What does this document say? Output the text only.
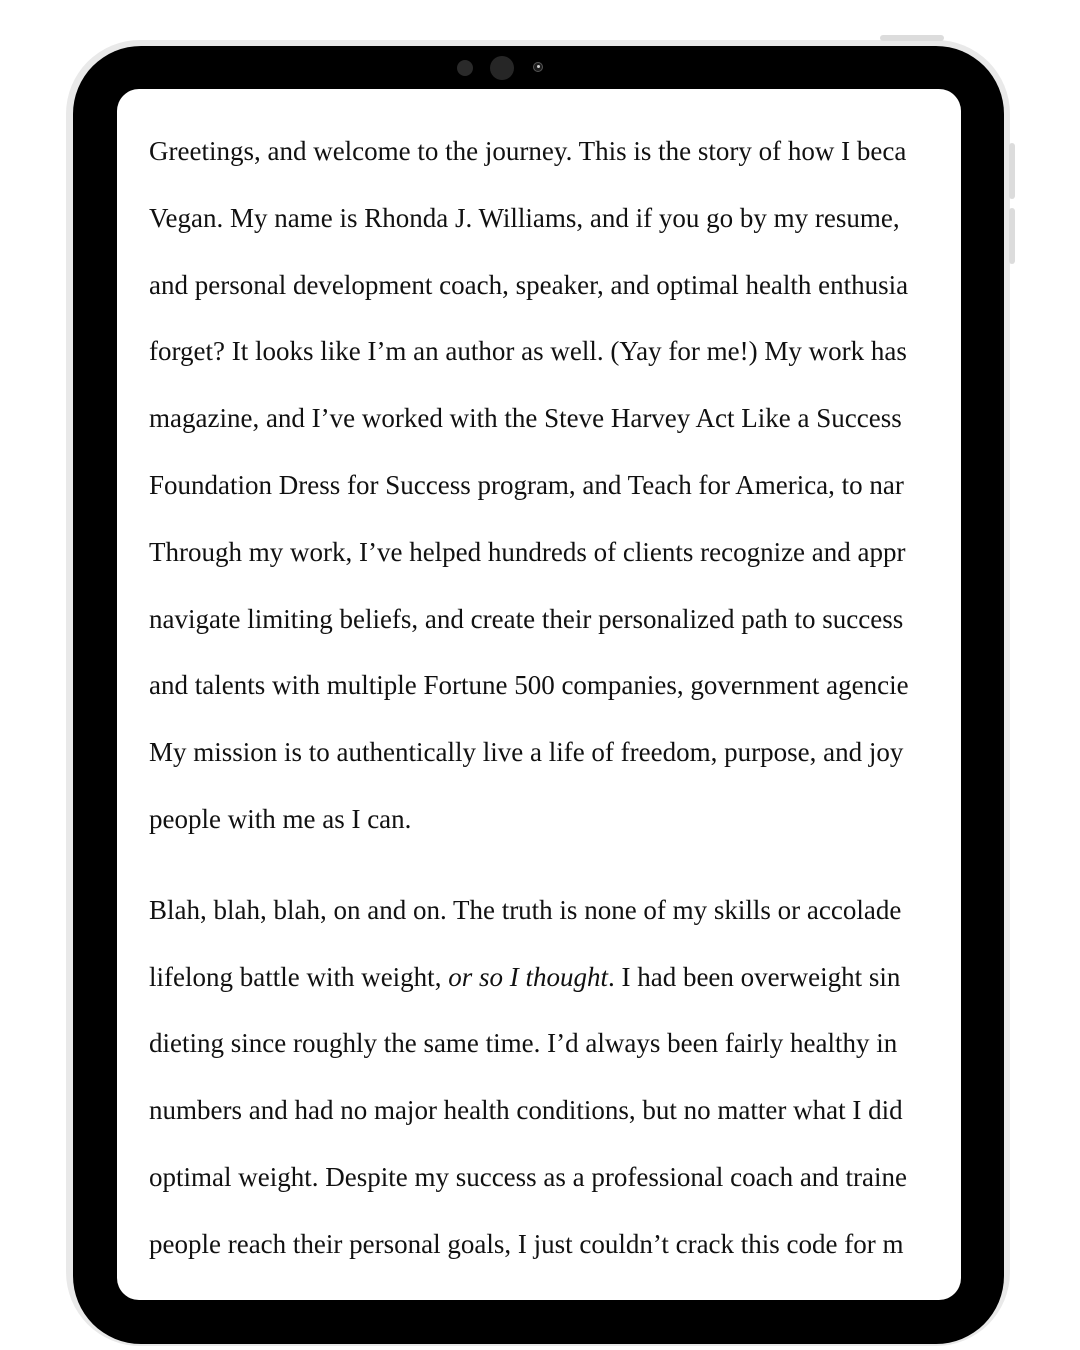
Greetings, and welcome to the journey. This is the story of how I beca
Vegan. My name is Rhonda J. Williams, and if you go by my resume,
and personal development coach, speaker, and optimal health enthusia
forget? It looks like I’m an author as well. (Yay for me!) My work has
magazine, and I’ve worked with the Steve Harvey Act Like a Success
Foundation Dress for Success program, and Teach for America, to nar
Through my work, I’ve helped hundreds of clients recognize and appr
navigate limiting beliefs, and create their personalized path to success
and talents with multiple Fortune 500 companies, government agencie
My mission is to authentically live a life of freedom, purpose, and joy
people with me as I can.
Blah, blah, blah, on and on. The truth is none of my skills or accolade
lifelong battle with weight, or so I thought. I had been overweight sin
dieting since roughly the same time. I’d always been fairly healthy in
numbers and had no major health conditions, but no matter what I did
optimal weight. Despite my success as a professional coach and traine
people reach their personal goals, I just couldn’t crack this code for m
